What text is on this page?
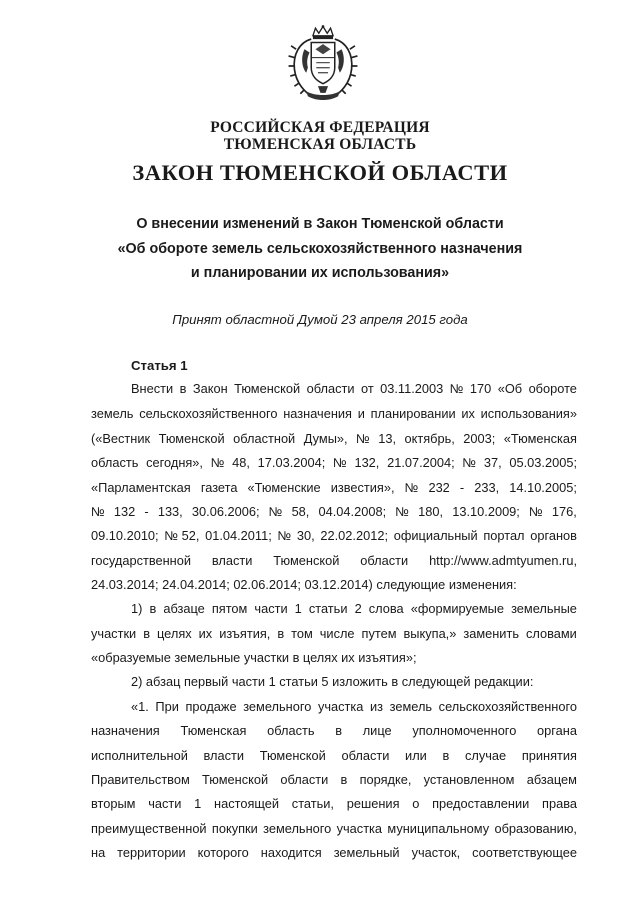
РОССИЙСКАЯ ФЕДЕРАЦИЯ
ТЮМЕНСКАЯ ОБЛАСТЬ
ЗАКОН ТЮМЕНСКОЙ ОБЛАСТИ
О внесении изменений в Закон Тюменской области
«Об обороте земель сельскохозяйственного назначения
и планировании их использования»
Принят областной Думой 23 апреля 2015 года
Статья 1
Внести в Закон Тюменской области от 03.11.2003 № 170 «Об обороте
земель сельскохозяйственного назначения и планировании их использования»
(«Вестник Тюменской областной Думы», № 13, октябрь, 2003; «Тюменская
область сегодня», № 48, 17.03.2004; № 132, 21.07.2004; № 37, 05.03.2005;
«Парламентская газета «Тюменские известия», № 232 - 233, 14.10.2005;
№ 132 - 133, 30.06.2006; № 58, 04.04.2008; № 180, 13.10.2009; № 176,
09.10.2010; № 52, 01.04.2011; № 30, 22.02.2012; официальный портал органов
государственной власти Тюменской области http://www.admtyumen.ru,
24.03.2014; 24.04.2014; 02.06.2014; 03.12.2014) следующие изменения:
1) в абзаце пятом части 1 статьи 2 слова «формируемые земельные
участки в целях их изъятия, в том числе путем выкупа,» заменить словами
«образуемые земельные участки в целях их изъятия»;
2) абзац первый части 1 статьи 5 изложить в следующей редакции:
«1. При продаже земельного участка из земель сельскохозяйственного
назначения Тюменская область в лице уполномоченного органа
исполнительной власти Тюменской области или в случае принятия
Правительством Тюменской области в порядке, установленном абзацем
вторым части 1 настоящей статьи, решения о предоставлении права
преимущественной покупки земельного участка муниципальному образованию,
на территории которого находится земельный участок, соответствующее
